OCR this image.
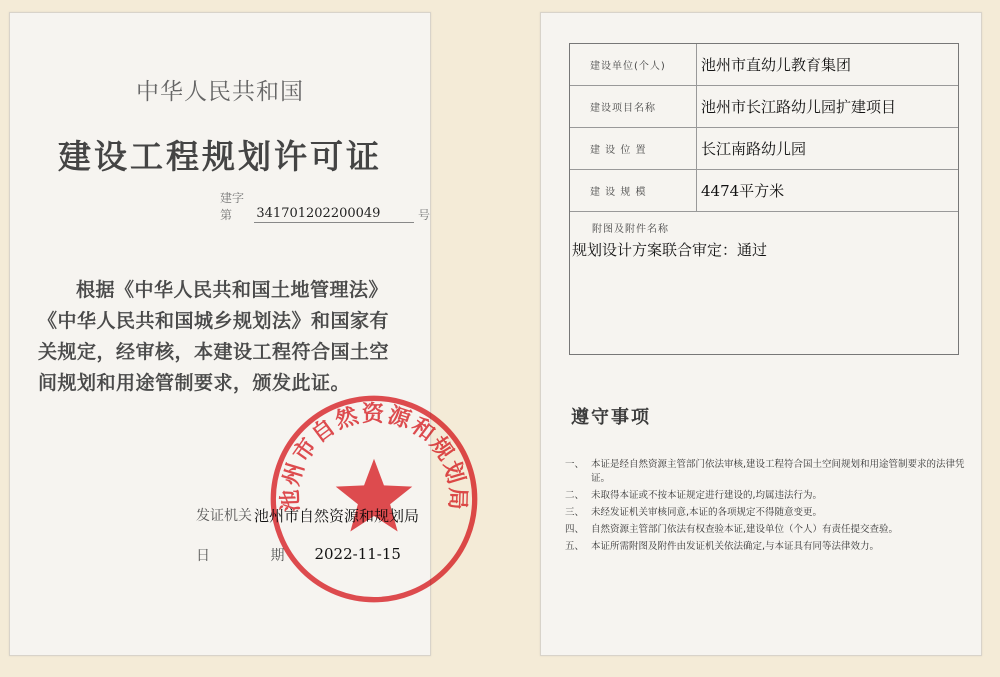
中华人民共和国
建设工程规划许可证
建字第	341701202200049	号
根据《中华人民共和国土地管理法》《中华人民共和国城乡规划法》和国家有关规定，经审核，本建设工程符合国土空间规划和用途管制要求，颁发此证。
发证机关 池州市自然资源和规划局
日 期 2022-11-15
池州市自然资源和规划局
建设单位(个人)	池州市直幼儿教育集团
建设项目名称	池州市长江路幼儿园扩建项目
建 设 位 置	长江南路幼儿园
建 设 规 模	4474平方米
附图及附件名称
规划设计方案联合审定：通过
遵守事项
一、 本证是经自然资源主管部门依法审核,建设工程符合国土空间规划和用途管制要求的法律凭证。
二、 未取得本证或不按本证规定进行建设的,均属违法行为。
三、 未经发证机关审核同意,本证的各项规定不得随意变更。
四、 自然资源主管部门依法有权查验本证,建设单位（个人）有责任提交查验。
五、 本证所需附图及附件由发证机关依法确定,与本证具有同等法律效力。
